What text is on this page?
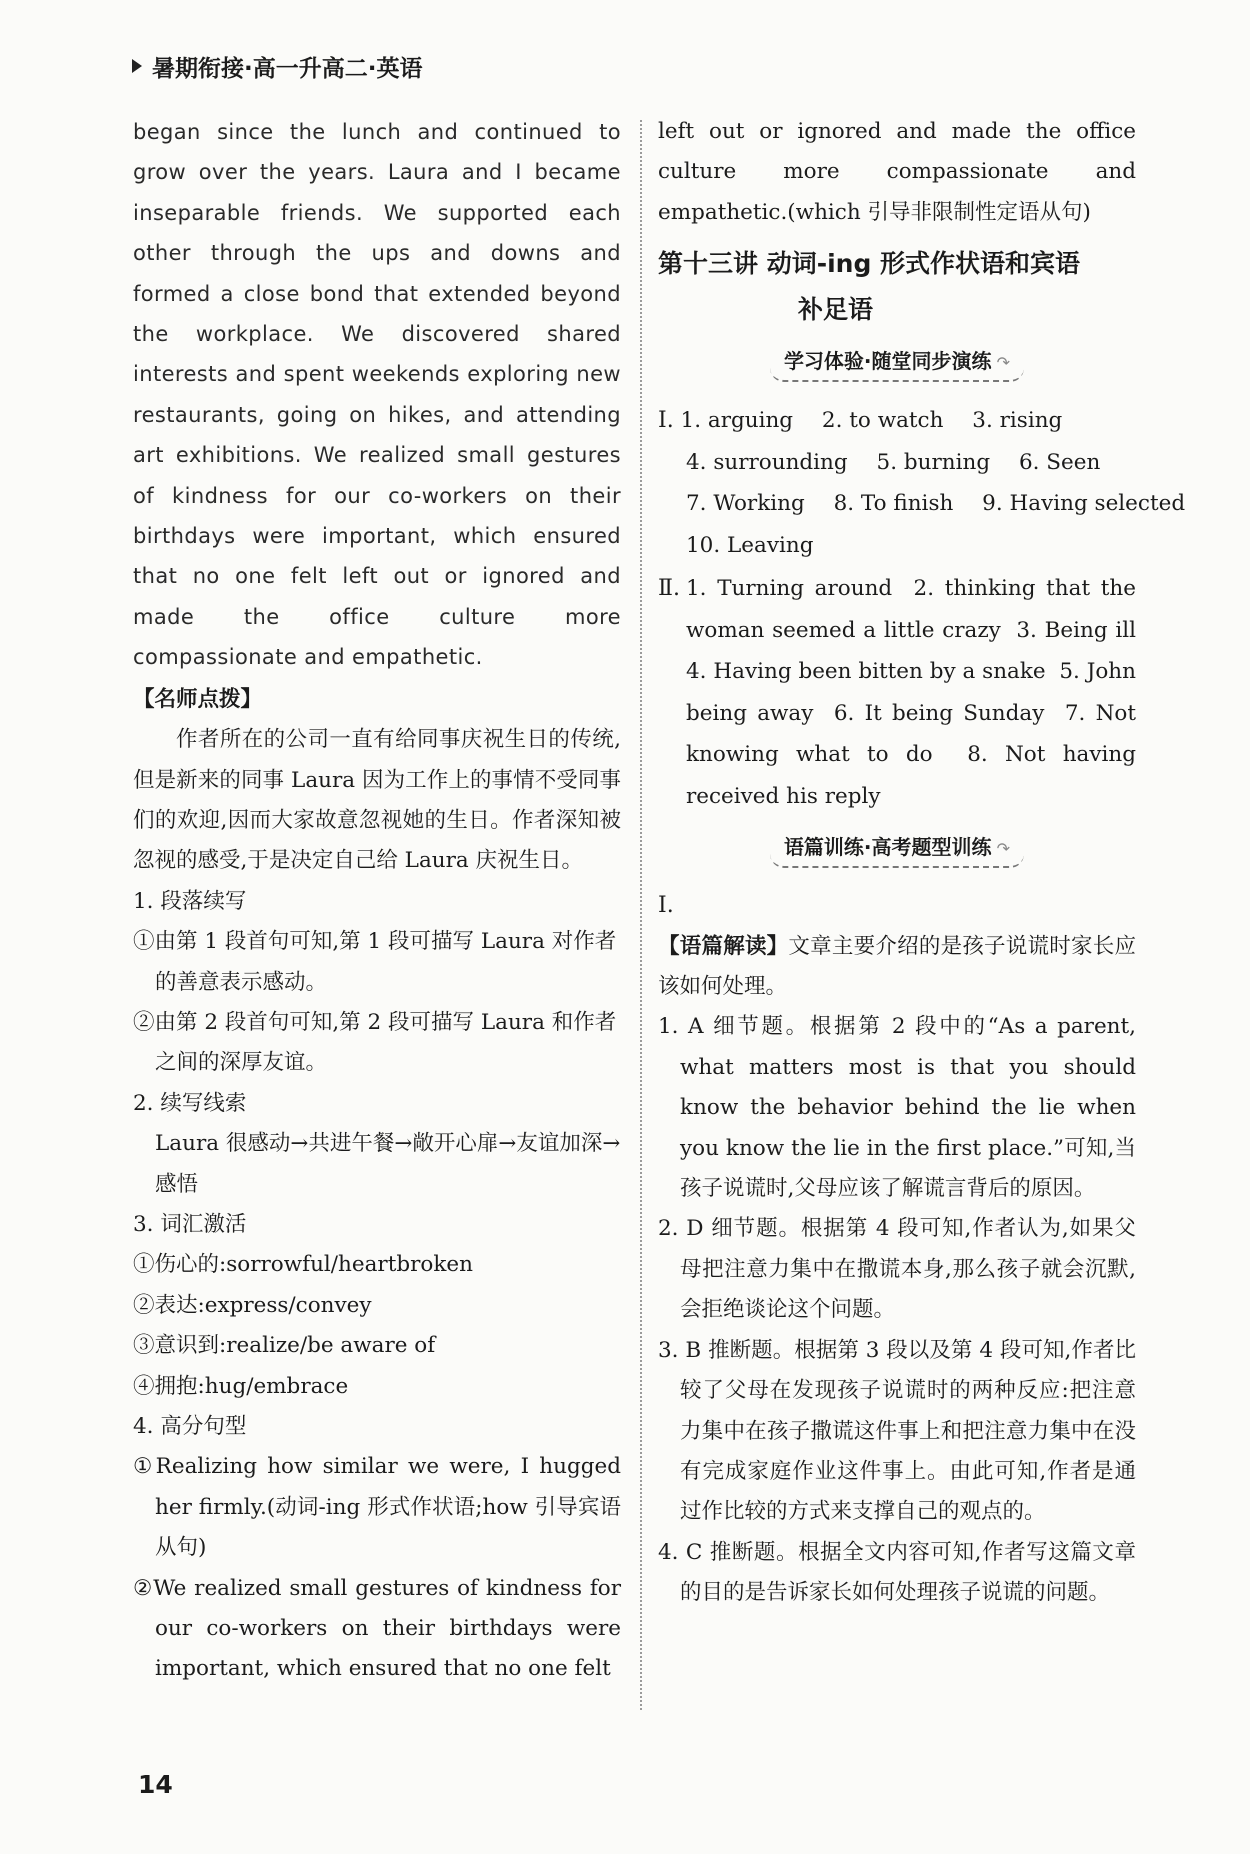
暑期衔接·高一升高二·英语

began since the lunch and continued to grow over the years. Laura and I became inseparable friends. We supported each other through the ups and downs and formed a close bond that extended beyond the workplace. We discovered shared interests and spent weekends exploring new restaurants, going on hikes, and attending art exhibitions. We realized small gestures of kindness for our co-workers on their birthdays were important, which ensured that no one felt left out or ignored and made the office culture more compassionate and empathetic.

【名师点拨】

作者所在的公司一直有给同事庆祝生日的传统,但是新来的同事 Laura 因为工作上的事情不受同事们的欢迎,因而大家故意忽视她的生日。作者深知被忽视的感受,于是决定自己给 Laura 庆祝生日。

1. 段落续写

①由第 1 段首句可知,第 1 段可描写 Laura 对作者的善意表示感动。

②由第 2 段首句可知,第 2 段可描写 Laura 和作者之间的深厚友谊。

2. 续写线索

Laura 很感动→共进午餐→敞开心扉→友谊加深→感悟

3. 词汇激活

①伤心的:sorrowful/heartbroken

②表达:express/convey

③意识到:realize/be aware of

④拥抱:hug/embrace

4. 高分句型

①Realizing how similar we were, I hugged her firmly.(动词-ing 形式作状语;how 引导宾语从句)

②We realized small gestures of kindness for our co-workers on their birthdays were important, which ensured that no one felt

left out or ignored and made the office culture more compassionate and empathetic.(which 引导非限制性定语从句)

第十三讲 动词-ing 形式作状语和宾语
补足语
学习体验·随堂同步演练 ↷
Ⅰ. 1. arguing 2. to watch 3. rising
4. surrounding 5. burning 6. Seen
7. Working 8. To finish 9. Having selected
10. Leaving
Ⅱ. 1. Turning around  2. thinking that the woman seemed a little crazy  3. Being ill  4. Having been bitten by a snake  5. John being away  6. It being Sunday  7. Not knowing what to do  8. Not having received his reply
语篇训练·高考题型训练 ↷

Ⅰ.

【语篇解读】文章主要介绍的是孩子说谎时家长应该如何处理。

1. A 细节题。根据第 2 段中的“As a parent, what matters most is that you should know the behavior behind the lie when you know the lie in the first place.”可知,当孩子说谎时,父母应该了解谎言背后的原因。

2. D 细节题。根据第 4 段可知,作者认为,如果父母把注意力集中在撒谎本身,那么孩子就会沉默,会拒绝谈论这个问题。

3. B 推断题。根据第 3 段以及第 4 段可知,作者比较了父母在发现孩子说谎时的两种反应:把注意力集中在孩子撒谎这件事上和把注意力集中在没有完成家庭作业这件事上。由此可知,作者是通过作比较的方式来支撑自己的观点的。

4. C 推断题。根据全文内容可知,作者写这篇文章的目的是告诉家长如何处理孩子说谎的问题。

14
